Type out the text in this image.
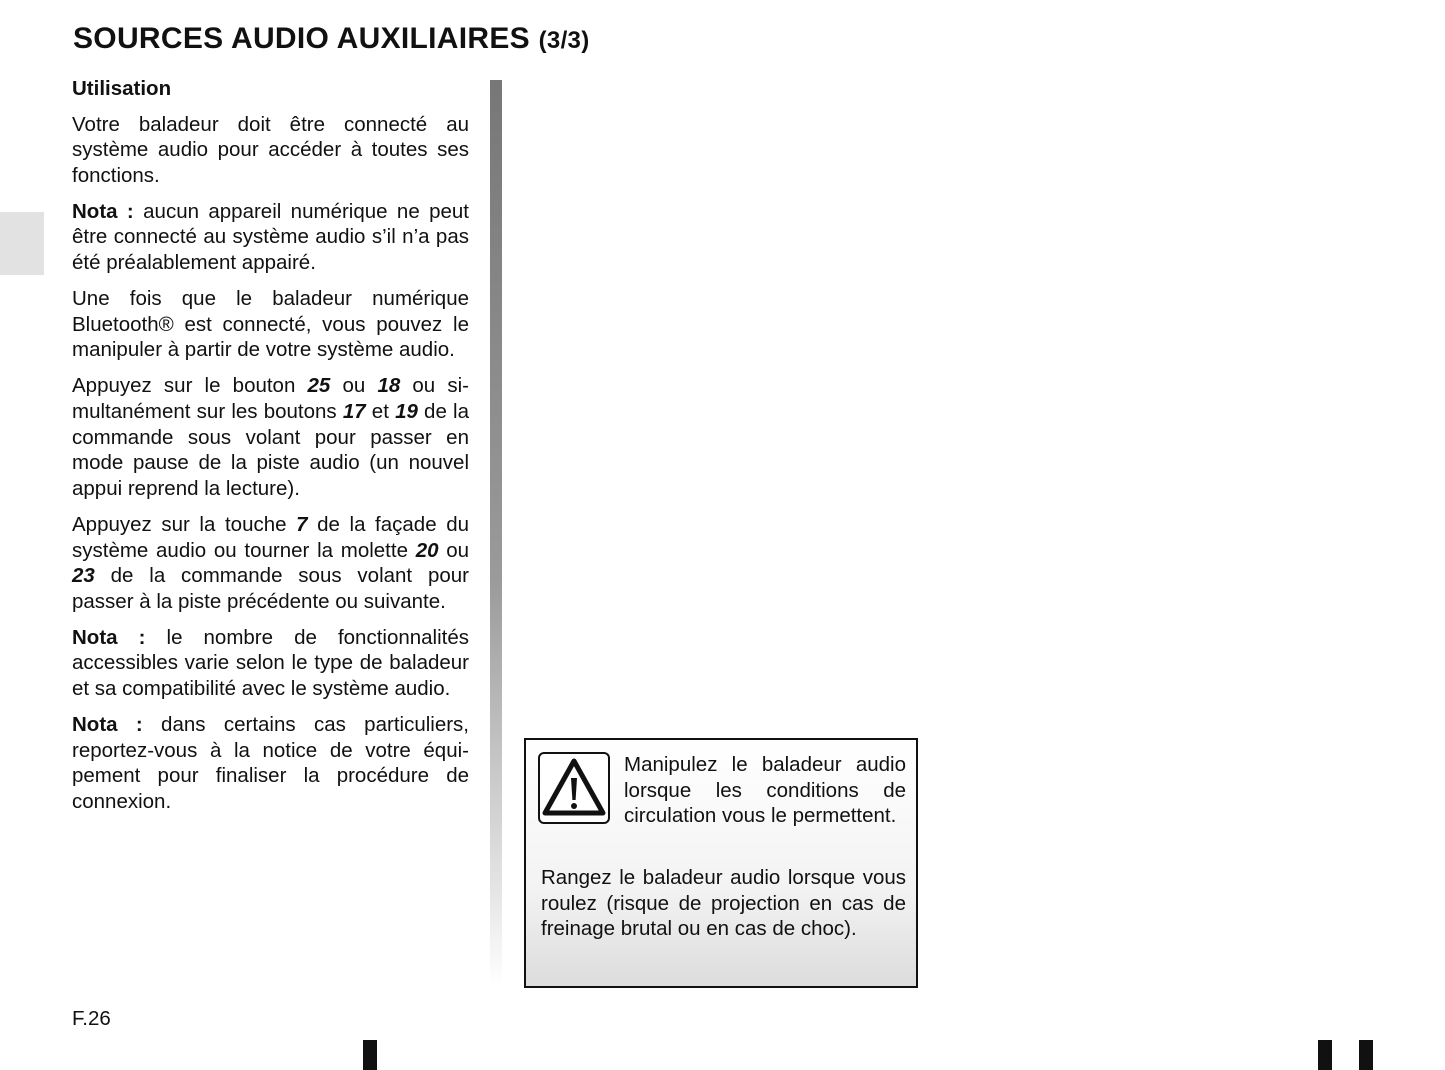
SOURCES AUDIO AUXILIAIRES (3/3)
Utilisation

Votre baladeur doit être connecté au système audio pour accéder à toutes ses fonctions.

Nota : aucun appareil numérique ne peut être connecté au système audio s’il n’a pas été préalablement appairé.

Une fois que le baladeur numérique Bluetooth® est connecté, vous pouvez le manipuler à partir de votre système audio.

Appuyez sur le bouton 25 ou 18 ou simultanément sur les boutons 17 et 19 de la commande sous volant pour passer en mode pause de la piste audio (un nouvel appui reprend la lecture).

Appuyez sur la touche 7 de la façade du système audio ou tourner la molette 20 ou 23 de la commande sous volant pour passer à la piste précédente ou suivante.

Nota : le nombre de fonctionnalités accessibles varie selon le type de baladeur et sa compatibilité avec le système audio.

Nota : dans certains cas particuliers, reportez-vous à la notice de votre équipement pour finaliser la procédure de connexion.

Manipulez le baladeur audio lorsque les conditions de circulation vous le permettent.

Rangez le baladeur audio lorsque vous roulez (risque de projection en cas de freinage brutal ou en cas de choc).

F.26
